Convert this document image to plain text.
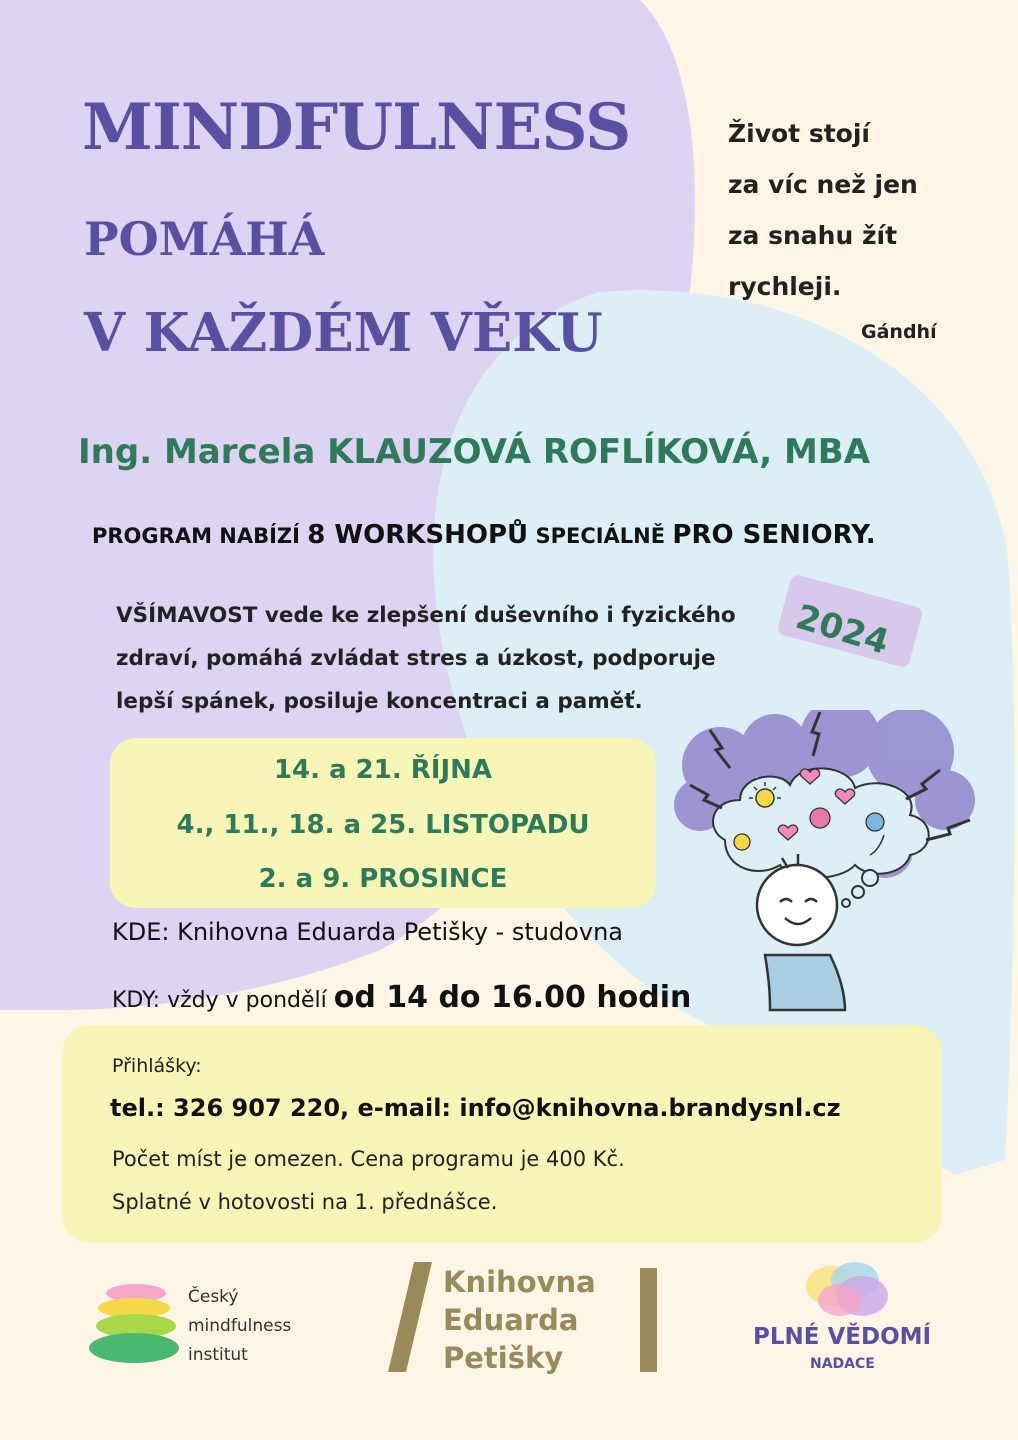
MINDFULNESS
POMÁHÁ
V KAŽDÉM VĚKU
Život stojí
za víc než jen
za snahu žít
rychleji.
Gándhí
Ing. Marcela KLAUZOVÁ ROFLÍKOVÁ, MBA
PROGRAM NABÍZÍ 8 WORKSHOPŮ SPECIÁLNĚ PRO SENIORY.
VŠÍMAVOST vede ke zlepšení duševního i fyzického
zdraví, pomáhá zvládat stres a úzkost, podporuje
lepší spánek, posiluje koncentraci a paměť.
2024
14. a 21. ŘÍJNA
4., 11., 18. a 25. LISTOPADU
2. a 9. PROSINCE
KDE: Knihovna Eduarda Petišky - studovna
KDY: vždy v pondělí od 14 do 16.00 hodin
Přihlášky:
tel.: 326 907 220, e-mail: info@knihovna.brandysnl.cz
Počet míst je omezen. Cena programu je 400 Kč.
Splatné v hotovosti na 1. přednášce.
Český
mindfulness
institut
Knihovna
Eduarda
Petišky
PLNÉ VĚDOMÍ
NADACE
